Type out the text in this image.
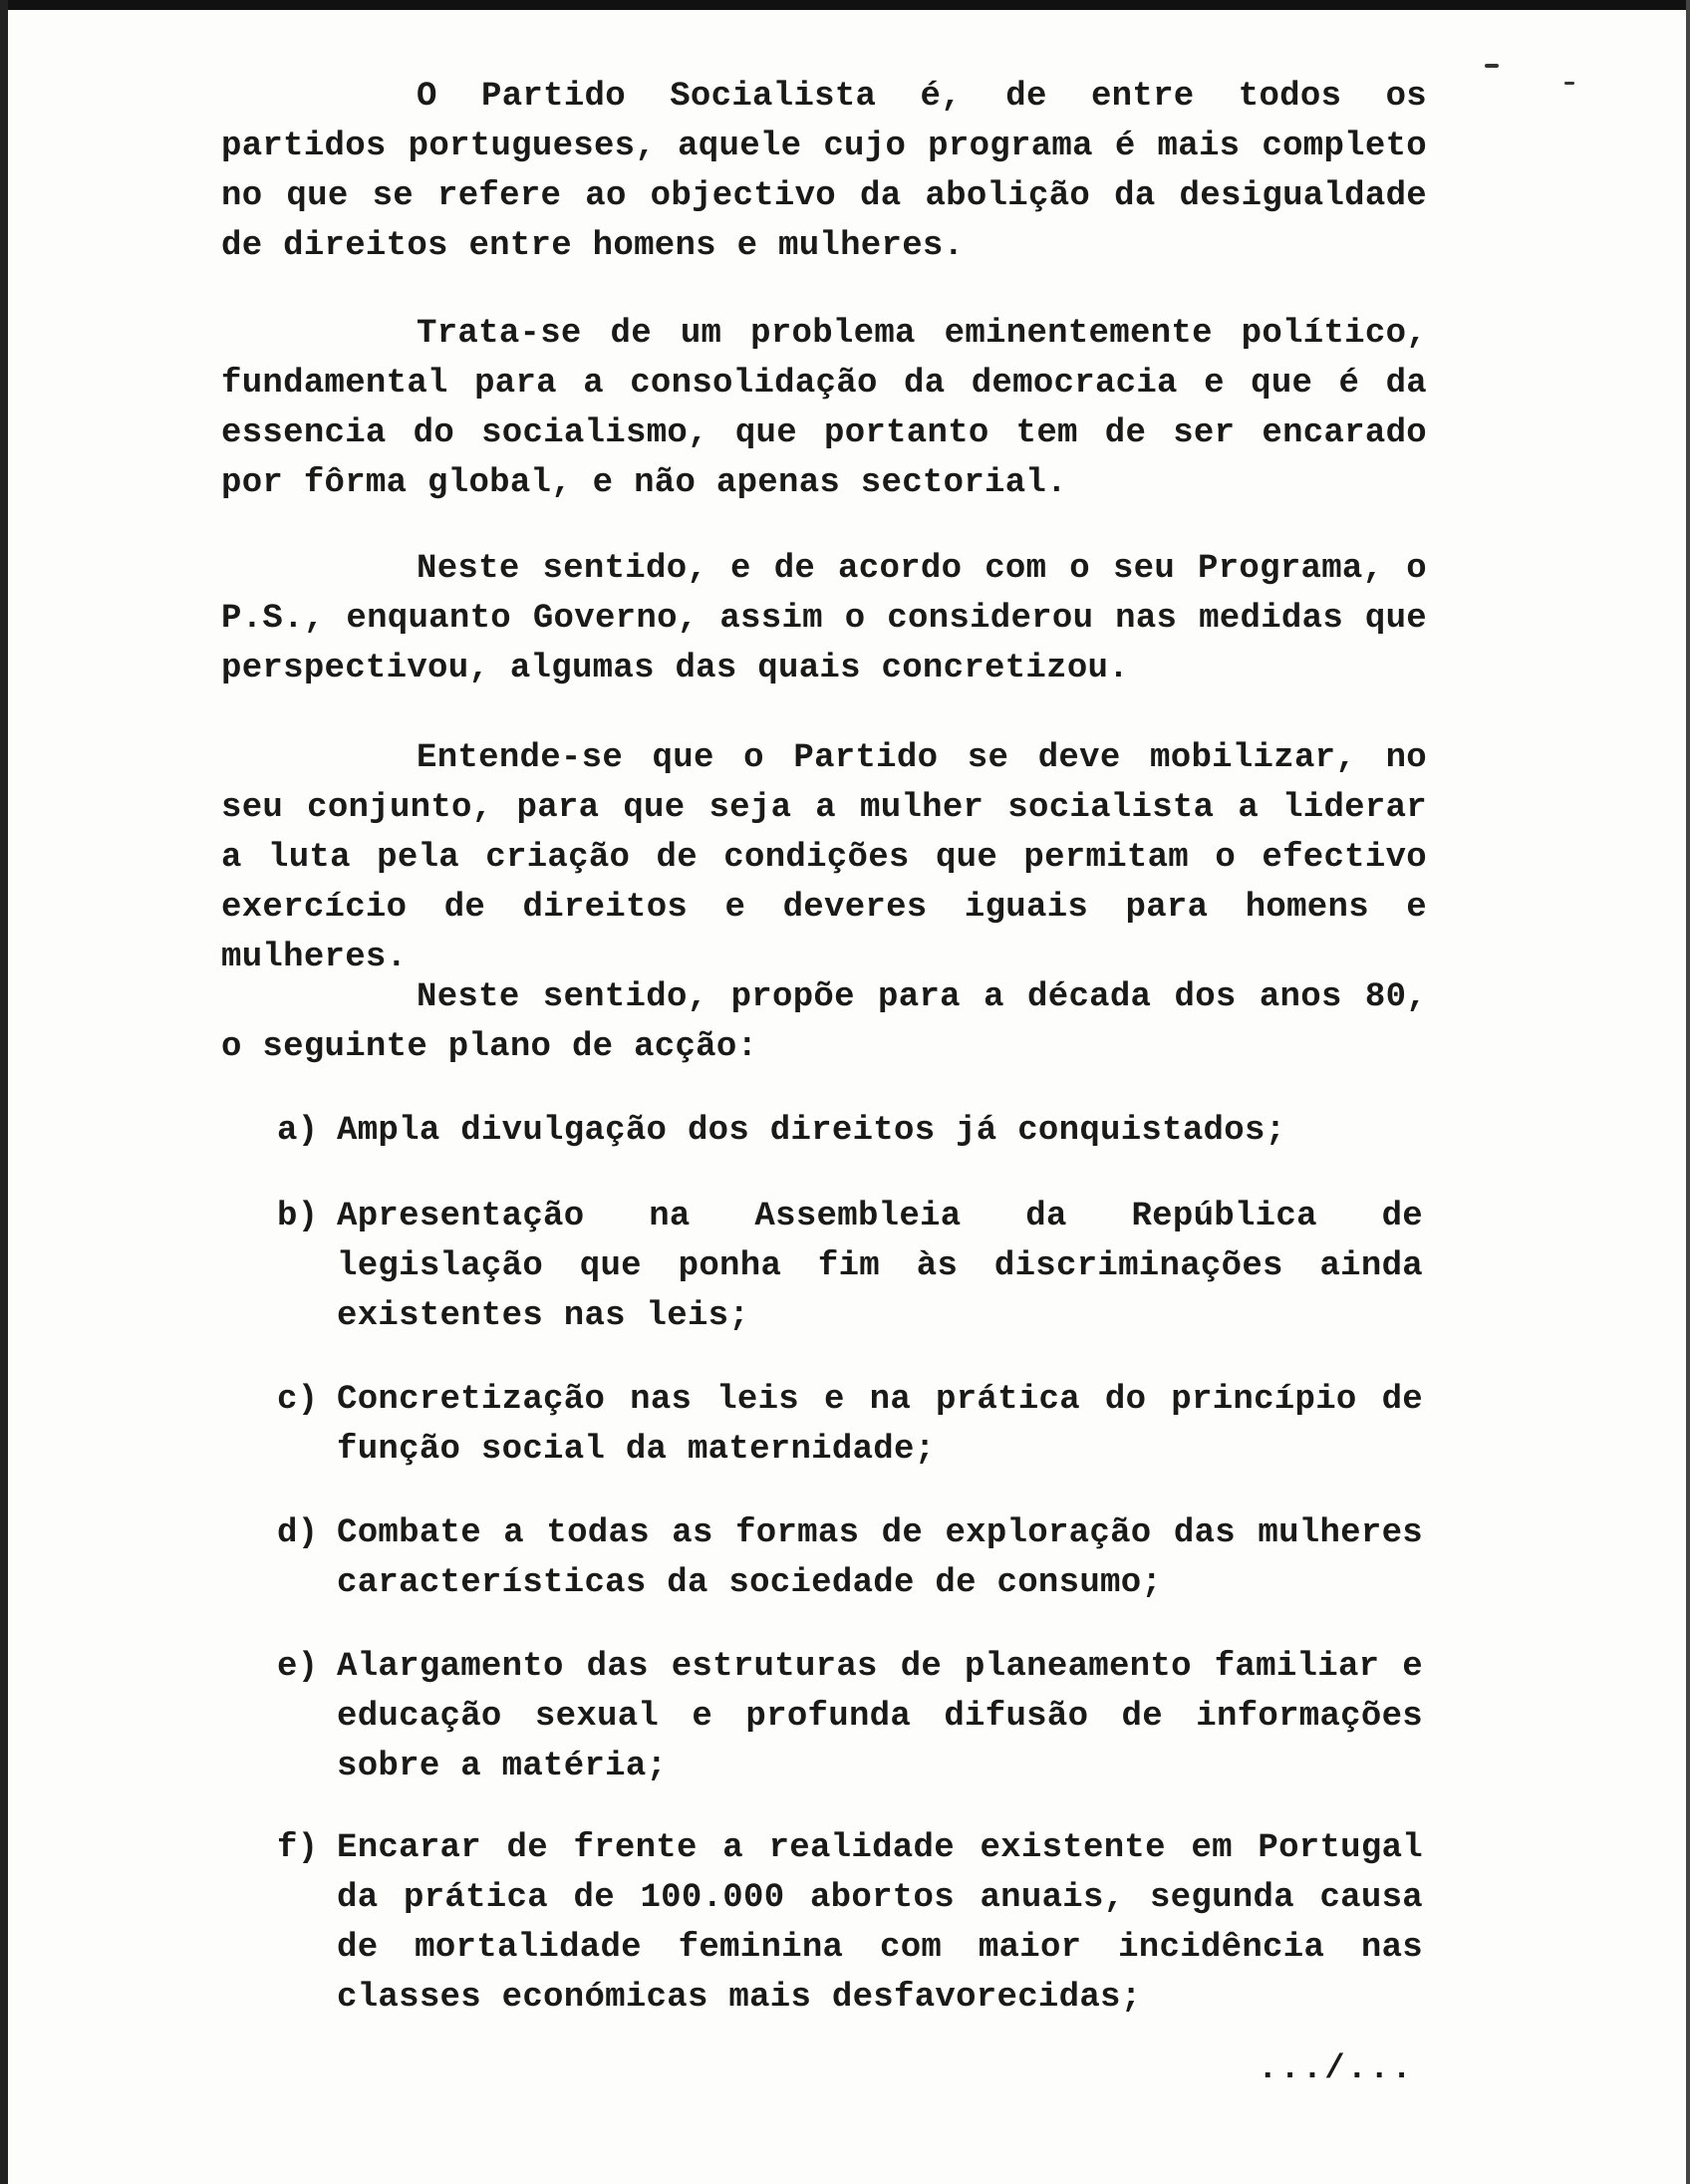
O Partido Socialista é, de entre todos os partidos portugueses, aquele cujo programa é mais completo no que se refere ao objectivo da abolição da desigualdade de direitos entre homens e mulheres.

Trata-se de um problema eminentemente político, fundamental para a consolidação da democracia e que é da essencia do socialismo, que portanto tem de ser encarado por fôrma global, e não apenas sectorial.

Neste sentido, e de acordo com o seu Programa, o P.S., enquanto Governo, assim o considerou nas medidas que perspectivou, algumas das quais concretizou.

Entende-se que o Partido se deve mobilizar, no seu conjunto, para que seja a mulher socialista a liderar a luta pela criação de condições que permitam o efectivo exercício de direitos e deveres iguais para homens e mulheres.

Neste sentido, propõe para a década dos anos 80, o seguinte plano de acção:

a) Ampla divulgação dos direitos já conquistados;
b) Apresentação na Assembleia da República de legislação que ponha fim às discriminações ainda existentes nas leis;
c) Concretização nas leis e na prática do princípio de função social da maternidade;
d) Combate a todas as formas de exploração das mulheres características da sociedade de consumo;
e) Alargamento das estruturas de planeamento familiar e educação sexual e profunda difusão de informações sobre a matéria;
f) Encarar de frente a realidade existente em Portugal da prática de 100.000 abortos anuais, segunda causa de mortalidade feminina com maior incidência nas classes económicas mais desfavorecidas;
.../...
